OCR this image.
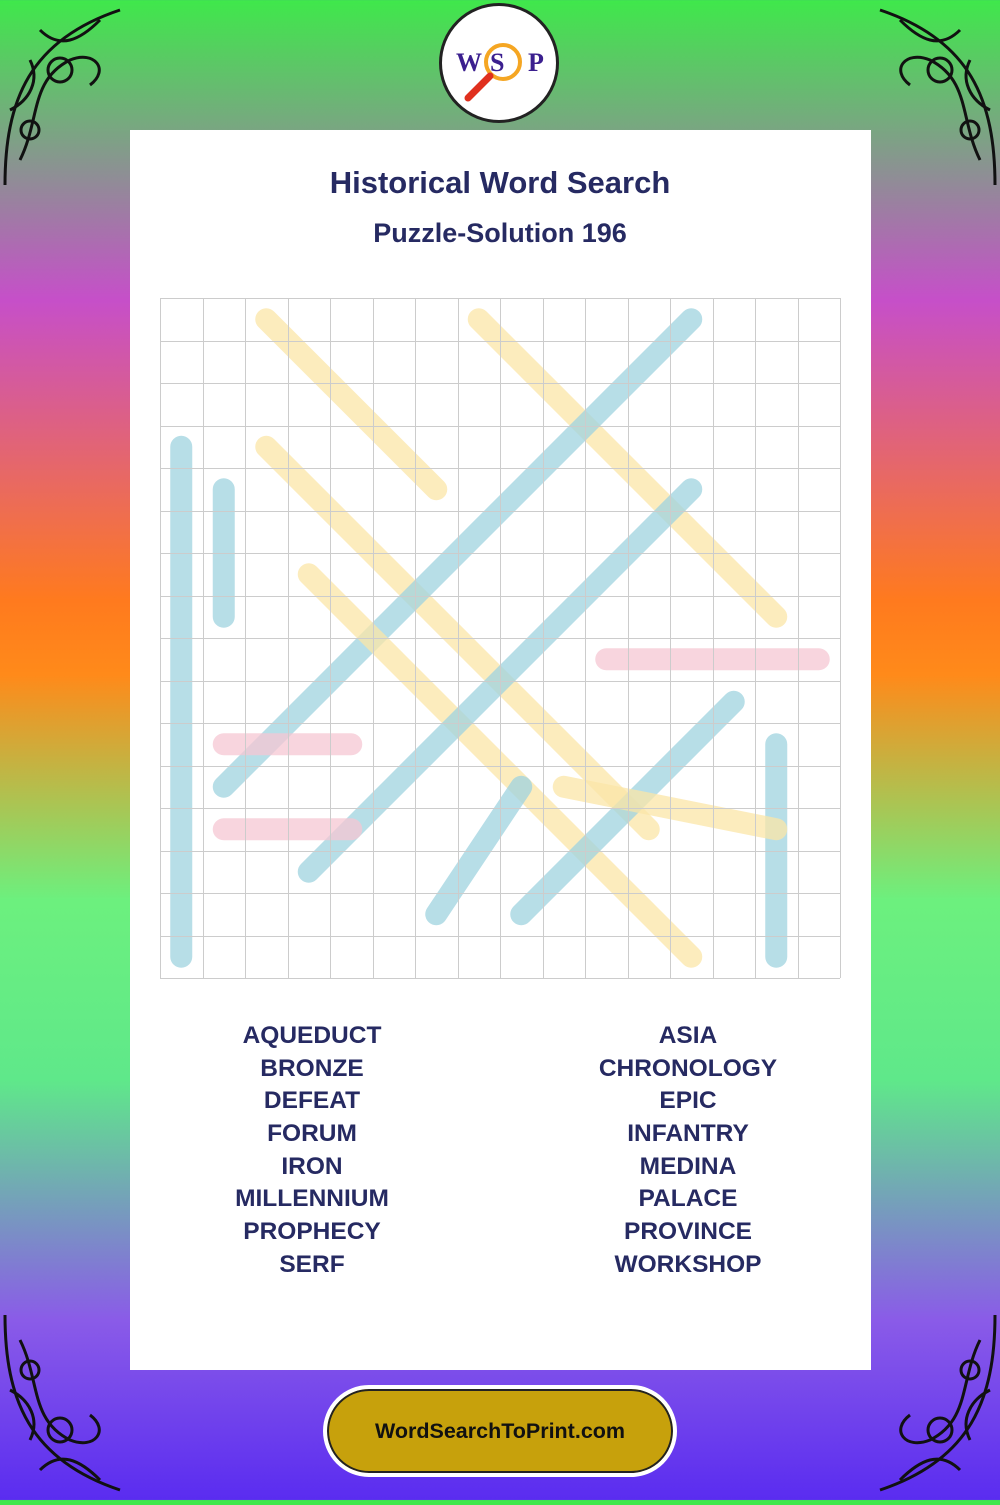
W S P
Historical Word Search
Puzzle-Solution 196
AQUEDUCT
BRONZE
DEFEAT
FORUM
IRON
MILLENNIUM
PROPHECY
SERF
ASIA
CHRONOLOGY
EPIC
INFANTRY
MEDINA
PALACE
PROVINCE
WORKSHOP
WordSearchToPrint.com
